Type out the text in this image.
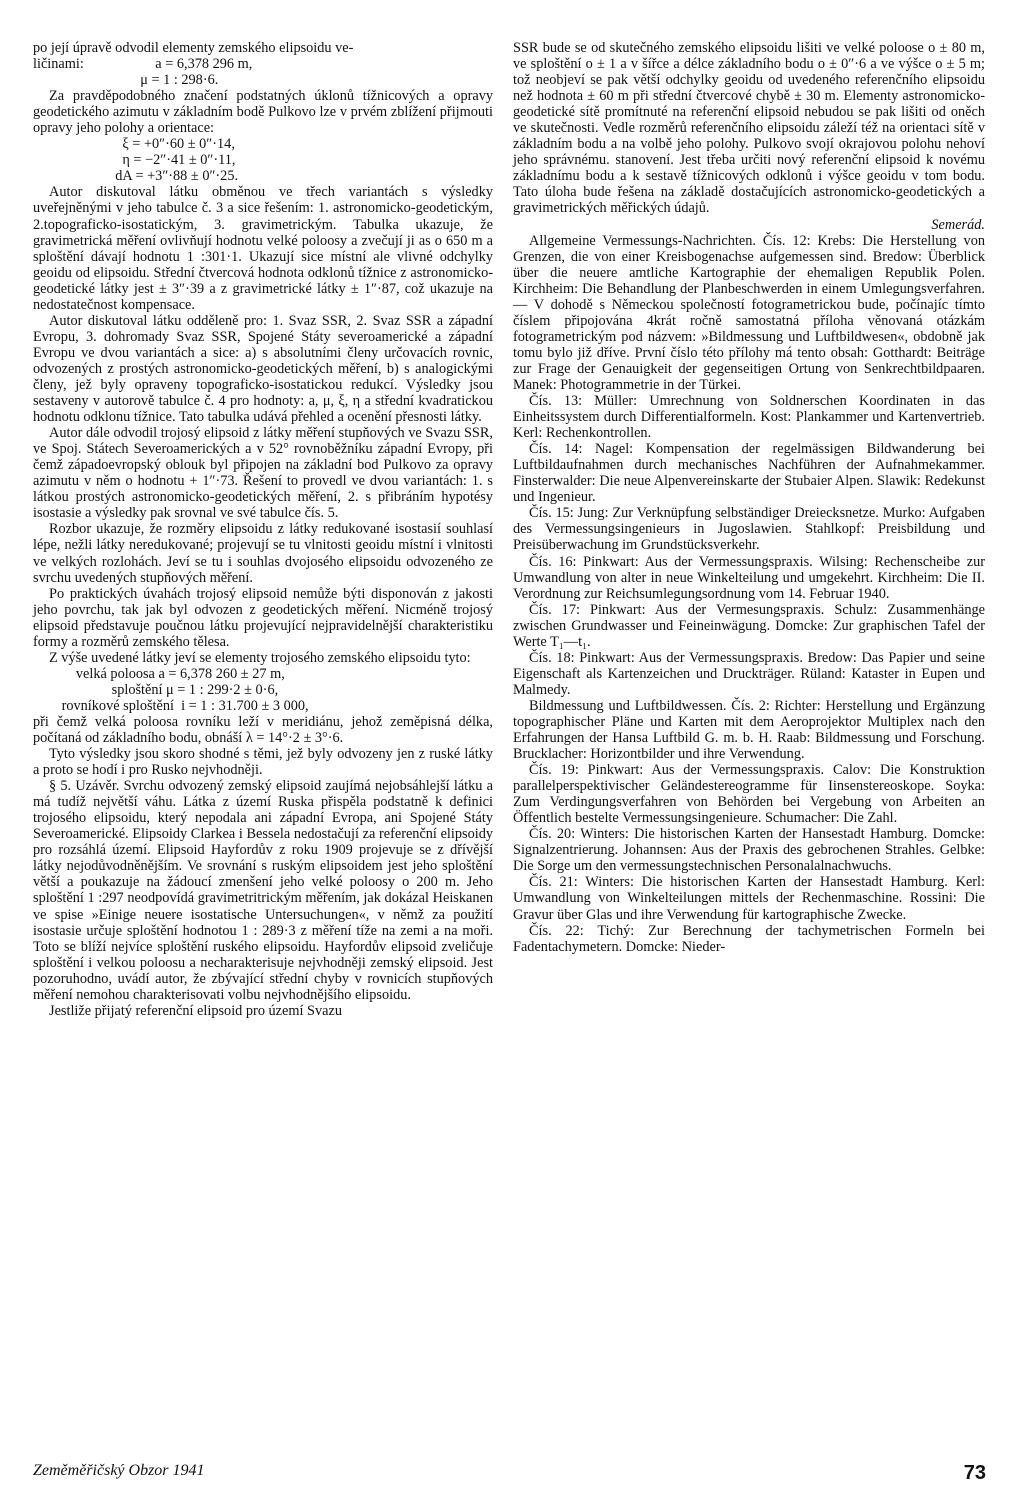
po její úpravě odvodil elementy zemského elipsoidu ve-

ličinami:                    a = 6,378 296 m,

μ = 1 : 298·6.

Za pravděpodobného značení podstatných úklonů tížnicových a opravy geodetického azimutu v základním bodě Pulkovo lze v prvém zblížení přijmouti opravy jeho polohy a orientace:

ξ = +0″·60 ± 0″·14,

η = −2″·41 ± 0″·11,

dA = +3″·88 ± 0″·25.

Autor diskutoval látku obměnou ve třech variantách s výsledky uveřejněnými v jeho tabulce č. 3 a sice řešením: 1. astronomicko-geodetickým, 2.topograficko-isostatickým, 3. gravimetrickým. Tabulka ukazuje, že gravimetrická měření ovlivňují hodnotu velké poloosy a zvečují ji as o 650 m a sploštění dávají hodnotu 1 :301·1. Ukazují sice místní ale vlivné odchylky geoidu od elipsoidu. Střední čtvercová hodnota odklonů tížnice z astronomicko-geodetické látky jest ± 3″·39 a z gravimetrické látky ± 1″·87, což ukazuje na nedostatečnost kompensace.

Autor diskutoval látku odděleně pro: 1. Svaz SSR, 2. Svaz SSR a západní Evropu, 3. dohromady Svaz SSR, Spojené Státy severoamerické a západní Evropu ve dvou variantách a sice: a) s absolutními členy určovacích rovnic, odvozených z prostých astronomicko-geodetických měření, b) s analogickými členy, jež byly opraveny topograficko-isostatickou redukcí. Výsledky jsou sestaveny v autorově tabulce č. 4 pro hodnoty: a, μ, ξ, η a střední kvadratickou hodnotu odklonu tížnice. Tato tabulka udává přehled a ocenění přesnosti látky.

Autor dále odvodil trojosý elipsoid z látky měření stupňových ve Svazu SSR, ve Spoj. Státech Severoamerických a v 52° rovnoběžníku západní Evropy, při čemž západoevropský oblouk byl připojen na základní bod Pulkovo za opravy azimutu v něm o hodnotu + 1″·73. Řešení to provedl ve dvou variantách: 1. s látkou prostých astronomicko-geodetických měření, 2. s přibráním hypotésy isostasie a výsledky pak srovnal ve své tabulce čís. 5.

Rozbor ukazuje, že rozměry elipsoidu z látky redukované isostasií souhlasí lépe, nežli látky neredukované; projevují se tu vlnitosti geoidu místní i vlnitosti ve velkých rozlohách. Jeví se tu i souhlas dvojosého elipsoidu odvozeného ze svrchu uvedených stupňových měření.

Po praktických úvahách trojosý elipsoid nemůže býti disponován z jakosti jeho povrchu, tak jak byl odvozen z geodetických měření. Nicméně trojosý elipsoid představuje poučnou látku projevující nejpravidelnější charakteristiku formy a rozměrů zemského tělesa.

Z výše uvedené látky jeví se elementy trojosého zemského elipsoidu tyto:

velká poloosa a = 6,378 260 ± 27 m,

sploštění μ = 1 : 299·2 ± 0·6,

rovníkové sploštění  i = 1 : 31.700 ± 3 000,

při čemž velká poloosa rovníku leží v meridiánu, jehož zeměpisná délka, počítaná od základního bodu, obnáší λ = 14°·2 ± 3°·6.

Tyto výsledky jsou skoro shodné s těmi, jež byly odvozeny jen z ruské látky a proto se hodí i pro Rusko nejvhodněji.

§ 5. Uzávěr. Svrchu odvozený zemský elipsoid zaujímá nejobsáhlejší látku a má tudíž největší váhu. Látka z území Ruska přispěla podstatně k definici trojosého elipsoidu, který nepodala ani západní Evropa, ani Spojené Státy Severoamerické. Elipsoidy Clarkea i Bessela nedostačují za referenční elipsoidy pro rozsáhlá území. Elipsoid Hayfordův z roku 1909 projevuje se z dřívější látky nejodůvodněnějším. Ve srovnání s ruským elipsoidem jest jeho sploštění větší a poukazuje na žádoucí zmenšení jeho velké poloosy o 200 m. Jeho sploštění 1 :297 neodpovídá gravimetritrickým měřením, jak dokázal Heiskanen ve spise »Einige neuere isostatische Untersuchungen«, v němž za použití isostasie určuje sploštění hodnotou 1 : 289·3 z měření tíže na zemi a na moři. Toto se blíží nejvíce sploštění ruského elipsoidu. Hayfordův elipsoid zveličuje sploštění i velkou poloosu a necharakterisuje nejvhodněji zemský elipsoid. Jest pozoruhodno, uvádí autor, že zbývající střední chyby v rovnicích stupňových měření nemohou charakterisovati volbu nejvhodnějšího elipsoidu.

Jestliže přijatý referenční elipsoid pro území Svazu

SSR bude se od skutečného zemského elipsoidu lišiti ve velké poloose o ± 80 m, ve sploštění o ± 1 a v šířce a délce základního bodu o ± 0″·6 a ve výšce o ± 5 m; tož neobjeví se pak větší odchylky geoidu od uvedeného referenčního elipsoidu než hodnota ± 60 m při střední čtvercové chybě ± 30 m. Elementy astronomicko-geodetické sítě promítnuté na referenční elipsoid nebudou se pak lišiti od oněch ve skutečnosti. Vedle rozměrů referenčního elipsoidu záleží též na orientaci sítě v základním bodu a na volbě jeho polohy. Pulkovo svojí okrajovou polohu nehoví jeho správnému. stanovení. Jest třeba určiti nový referenční elipsoid k novému základnímu bodu a k sestavě tížnicových odklonů i výšce geoidu v tom bodu. Tato úloha bude řešena na základě dostačujících astronomicko-geodetických a gravimetrických měřických údajů.

Semerád.

Allgemeine Vermessungs-Nachrichten. Čís. 12: Krebs: Die Herstellung von Grenzen, die von einer Kreisbogenachse aufgemessen sind. Bredow: Überblick über die neuere amtliche Kartographie der ehemaligen Republik Polen. Kirchheim: Die Behandlung der Planbeschwerden in einem Umlegungsverfahren. — V dohodě s Německou společností fotogrametrickou bude, počínajíc tímto číslem připojována 4krát ročně samostatná příloha věnovaná otázkám fotogrametrickým pod názvem: »Bildmessung und Luftbildwesen«, obdobně jak tomu bylo již dříve. První číslo této přílohy má tento obsah: Gotthardt: Beiträge zur Frage der Genauigkeit der gegenseitigen Ortung von Senkrechtbildpaaren. Manek: Photogrammetrie in der Türkei.

Čís. 13: Müller: Umrechnung von Soldnerschen Koordinaten in das Einheitssystem durch Differentialformeln. Kost: Plankammer und Kartenvertrieb. Kerl: Rechenkontrollen.

Čís. 14: Nagel: Kompensation der regelmässigen Bildwanderung bei Luftbildaufnahmen durch mechanisches Nachführen der Aufnahmekammer. Finsterwalder: Die neue Alpenvereinskarte der Stubaier Alpen. Slawik: Redekunst und Ingenieur.

Čís. 15: Jung: Zur Verknüpfung selbständiger Dreiecksnetze. Murko: Aufgaben des Vermessungsingenieurs in Jugoslawien. Stahlkopf: Preisbildung und Preisüberwachung im Grundstücksverkehr.

Čís. 16: Pinkwart: Aus der Vermessungspraxis. Wilsing: Rechenscheibe zur Umwandlung von alter in neue Winkelteilung und umgekehrt. Kirchheim: Die II. Verordnung zur Reichsumlegungsordnung vom 14. Februar 1940.

Čís. 17: Pinkwart: Aus der Vermesungspraxis. Schulz: Zusammenhänge zwischen Grundwasser und Feineinwägung. Domcke: Zur graphischen Tafel der Werte T₁—t₁.

Čís. 18: Pinkwart: Aus der Vermessungspraxis. Bredow: Das Papier und seine Eigenschaft als Kartenzeichen und Druckträger. Rüland: Kataster in Eupen und Malmedy.

Bildmessung und Luftbildwessen. Čís. 2: Richter: Herstellung und Ergänzung topographischer Pläne und Karten mit dem Aeroprojektor Multiplex nach den Erfahrungen der Hansa Luftbild G. m. b. H. Raab: Bildmessung und Forschung. Brucklacher: Horizontbilder und ihre Verwendung.

Čís. 19: Pinkwart: Aus der Vermessungspraxis. Calov: Die Konstruktion parallelperspektivischer Geländestereogramme für Iinsenstereoskope. Soyka: Zum Verdingungsverfahren von Behörden bei Vergebung von Arbeiten an Öffentlich bestelte Vermessungsingenieure. Schumacher: Die Zahl.

Čís. 20: Winters: Die historischen Karten der Hansestadt Hamburg. Domcke: Signalzentrierung. Johannsen: Aus der Praxis des gebrochenen Strahles. Gelbke: Die Sorge um den vermessungstechnischen Personalalnachwuchs.

Čís. 21: Winters: Die historischen Karten der Hansestadt Hamburg. Kerl: Umwandlung von Winkelteilungen mittels der Rechenmaschine. Rossini: Die Gravur über Glas und ihre Verwendung für kartographische Zwecke.

Čís. 22: Tichý: Zur Berechnung der tachymetrischen Formeln bei Fadentachymetern. Domcke: Nieder-

Zeměměřičský Obzor 1941	73
